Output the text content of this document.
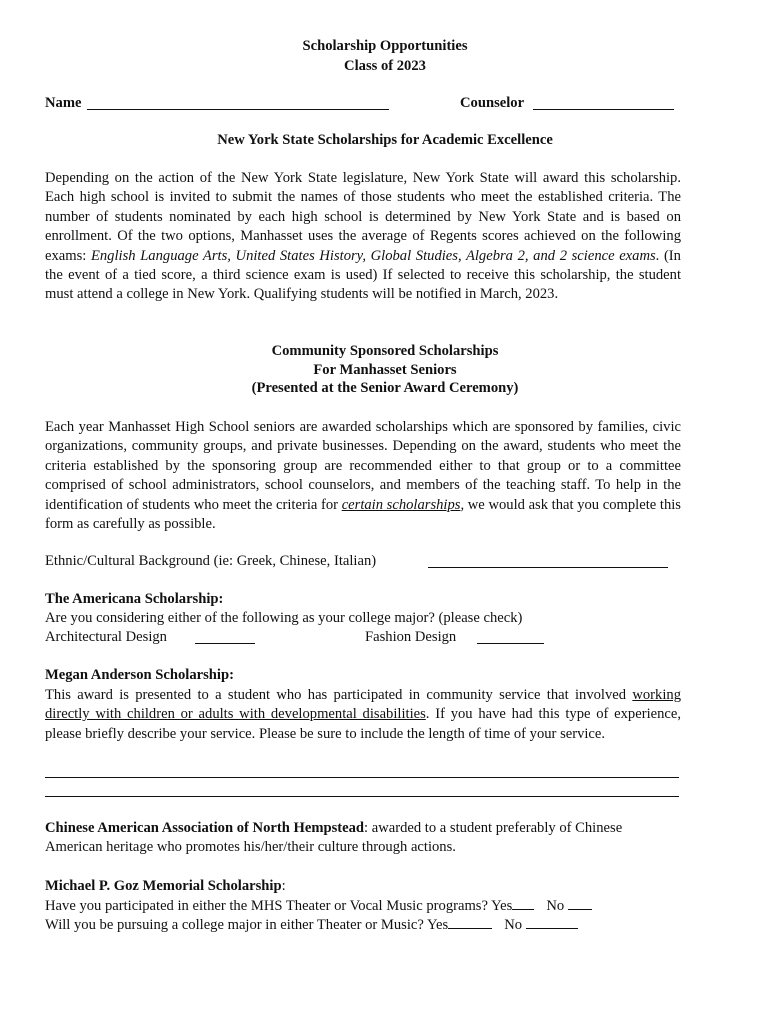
Scholarship Opportunities
Class of 2023
Name	Counselor
New York State Scholarships for Academic Excellence
Depending on the action of the New York State legislature, New York State will award this scholarship. Each high school is invited to submit the names of those students who meet the established criteria. The number of students nominated by each high school is determined by New York State and is based on enrollment. Of the two options, Manhasset uses the average of Regents scores achieved on the following exams: English Language Arts, United States History, Global Studies, Algebra 2, and 2 science exams. (In the event of a tied score, a third science exam is used) If selected to receive this scholarship, the student must attend a college in New York. Qualifying students will be notified in March, 2023.
Community Sponsored Scholarships
For Manhasset Seniors
(Presented at the Senior Award Ceremony)
Each year Manhasset High School seniors are awarded scholarships which are sponsored by families, civic organizations, community groups, and private businesses. Depending on the award, students who meet the criteria established by the sponsoring group are recommended either to that group or to a committee comprised of school administrators, school counselors, and members of the teaching staff. To help in the identification of students who meet the criteria for certain scholarships, we would ask that you complete this form as carefully as possible.
Ethnic/Cultural Background (ie: Greek, Chinese, Italian)
The Americana Scholarship:
Are you considering either of the following as your college major? (please check)
Architectural Design	Fashion Design
Megan Anderson Scholarship:
This award is presented to a student who has participated in community service that involved working directly with children or adults with developmental disabilities. If you have had this type of experience, please briefly describe your service. Please be sure to include the length of time of your service.
Chinese American Association of North Hempstead: awarded to a student preferably of Chinese American heritage who promotes his/her/their culture through actions.
Michael P. Goz Memorial Scholarship:
Have you participated in either the MHS Theater or Vocal Music programs? Yes No
Will you be pursuing a college major in either Theater or Music? Yes	No
